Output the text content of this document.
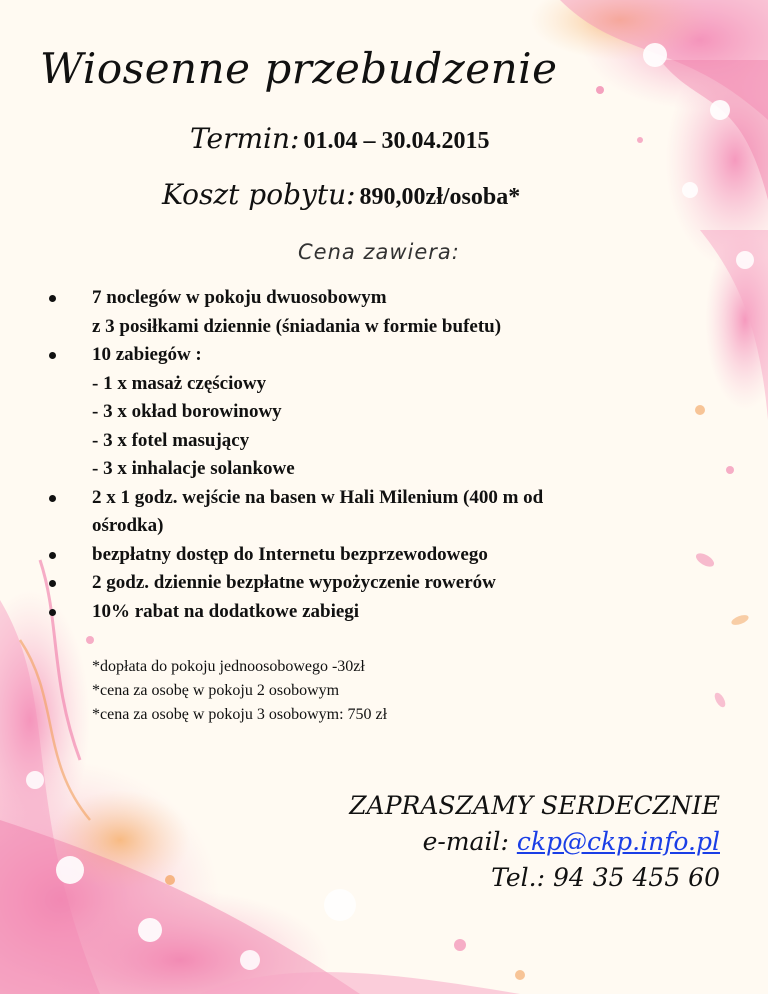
Wiosenne przebudzenie
Termin: 01.04 – 30.04.2015
Koszt pobytu: 890,00zł/osoba*
Cena zawiera:
7 noclegów w pokoju dwuosobowym
z 3 posiłkami dziennie (śniadania w formie bufetu)
10 zabiegów :
- 1 x masaż częściowy
- 3 x okład borowinowy
- 3 x fotel masujący
- 3 x inhalacje solankowe
2 x 1 godz. wejście na basen w Hali Milenium (400 m od
ośrodka)
bezpłatny dostęp do Internetu bezprzewodowego
2 godz. dziennie bezpłatne wypożyczenie rowerów
10% rabat na dodatkowe zabiegi
*dopłata do pokoju jednoosobowego -30zł
*cena za osobę w pokoju 2 osobowym
*cena za osobę w pokoju 3 osobowym: 750 zł
ZAPRASZAMY SERDECZNIE
e-mail: ckp@ckp.info.pl
Tel.: 94 35 455 60
